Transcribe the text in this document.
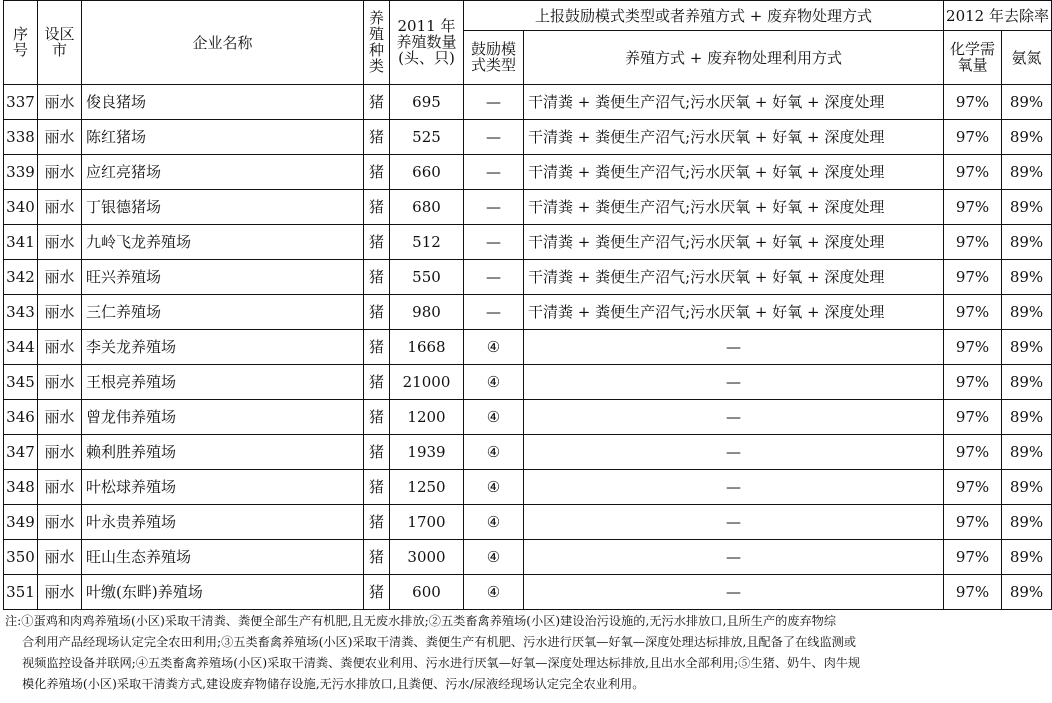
序号	设区市	企业名称	养殖种类	2011 年养殖数量(头、只)	上报鼓励模式类型或者养殖方式 + 废弃物处理方式		2012 年去除率	
					鼓励模式类型	养殖方式 + 废弃物处理利用方式	化学需氧量	氨氮
337	丽水	俊良猪场	猪	695	—	干清粪 + 粪便生产沼气;污水厌氧 + 好氧 + 深度处理	97%	89%
338	丽水	陈红猪场	猪	525	—	干清粪 + 粪便生产沼气;污水厌氧 + 好氧 + 深度处理	97%	89%
339	丽水	应红亮猪场	猪	660	—	干清粪 + 粪便生产沼气;污水厌氧 + 好氧 + 深度处理	97%	89%
340	丽水	丁银德猪场	猪	680	—	干清粪 + 粪便生产沼气;污水厌氧 + 好氧 + 深度处理	97%	89%
341	丽水	九岭飞龙养殖场	猪	512	—	干清粪 + 粪便生产沼气;污水厌氧 + 好氧 + 深度处理	97%	89%
342	丽水	旺兴养殖场	猪	550	—	干清粪 + 粪便生产沼气;污水厌氧 + 好氧 + 深度处理	97%	89%
343	丽水	三仁养殖场	猪	980	—	干清粪 + 粪便生产沼气;污水厌氧 + 好氧 + 深度处理	97%	89%
344	丽水	李关龙养殖场	猪	1668	④	—	97%	89%
345	丽水	王根亮养殖场	猪	21000	④	—	97%	89%
346	丽水	曾龙伟养殖场	猪	1200	④	—	97%	89%
347	丽水	赖利胜养殖场	猪	1939	④	—	97%	89%
348	丽水	叶松球养殖场	猪	1250	④	—	97%	89%
349	丽水	叶永贵养殖场	猪	1700	④	—	97%	89%
350	丽水	旺山生态养殖场	猪	3000	④	—	97%	89%
351	丽水	叶缴(东畔)养殖场	猪	600	④	—	97%	89%

注:①蛋鸡和肉鸡养殖场(小区)采取干清粪、粪便全部生产有机肥,且无废水排放;②五类畜禽养殖场(小区)建设治污设施的,无污水排放口,且所生产的废弃物综

合利用产品经现场认定完全农田利用;③五类畜禽养殖场(小区)采取干清粪、粪便生产有机肥、污水进行厌氧—好氧—深度处理达标排放,且配备了在线监测或

视频监控设备并联网;④五类畜禽养殖场(小区)采取干清粪、粪便农业利用、污水进行厌氧—好氧—深度处理达标排放,且出水全部利用;⑤生猪、奶牛、肉牛规

模化养殖场(小区)采取干清粪方式,建设废弃物储存设施,无污水排放口,且粪便、污水/尿液经现场认定完全农业利用。
